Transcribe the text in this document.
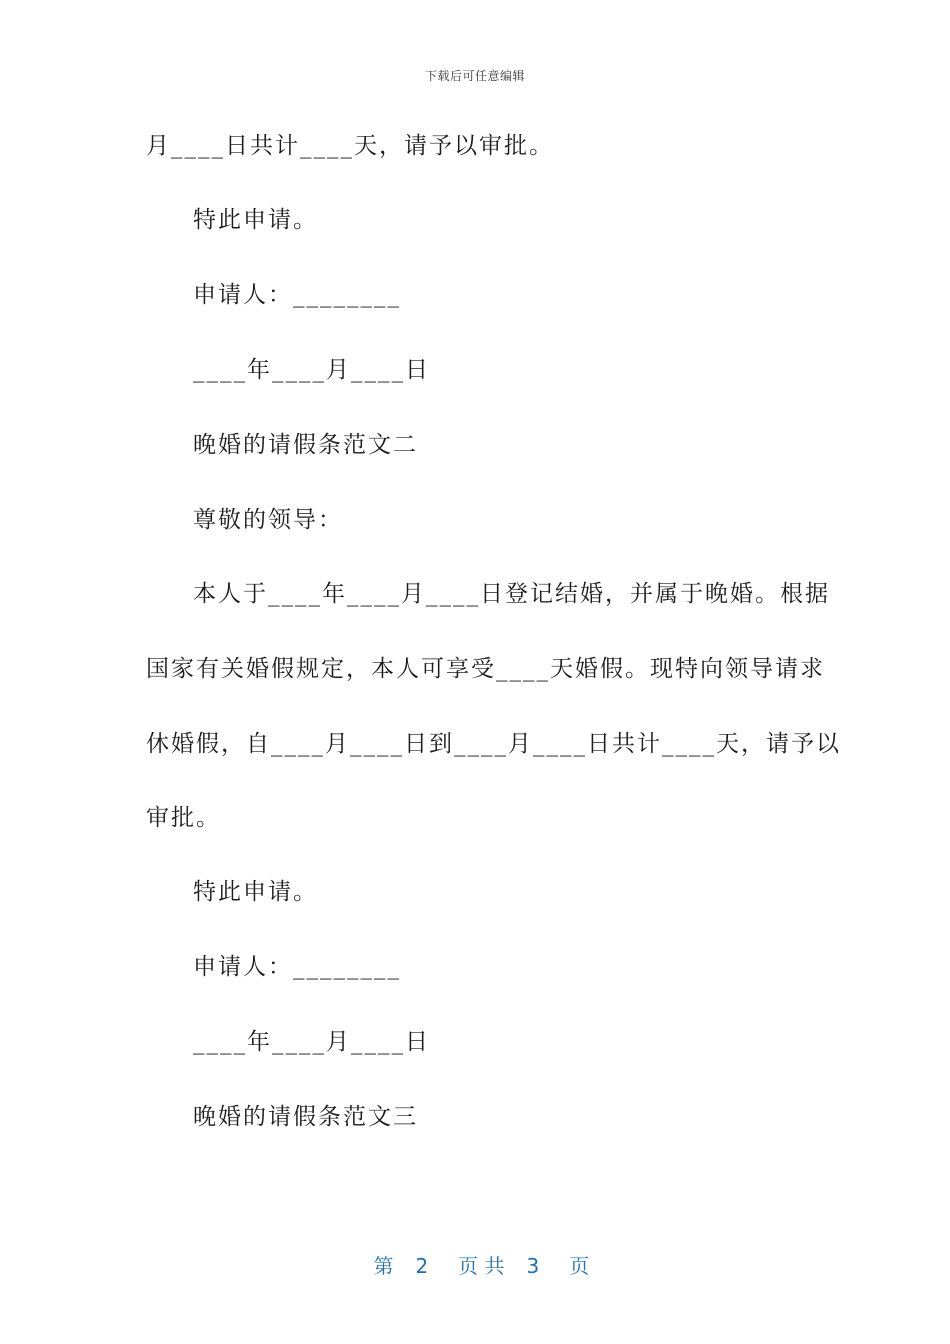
下载后可任意编辑
月____日共计____天，请予以审批。
特此申请。
申请人：________
____年____月____日
晚婚的请假条范文二
尊敬的领导：
本人于____年____月____日登记结婚，并属于晚婚。根据
国家有关婚假规定，本人可享受____天婚假。现特向领导请求
休婚假，自____月____日到____月____日共计____天，请予以
审批。
特此申请。
申请人：________
____年____月____日
晚婚的请假条范文三

第 2 页 共 3 页
